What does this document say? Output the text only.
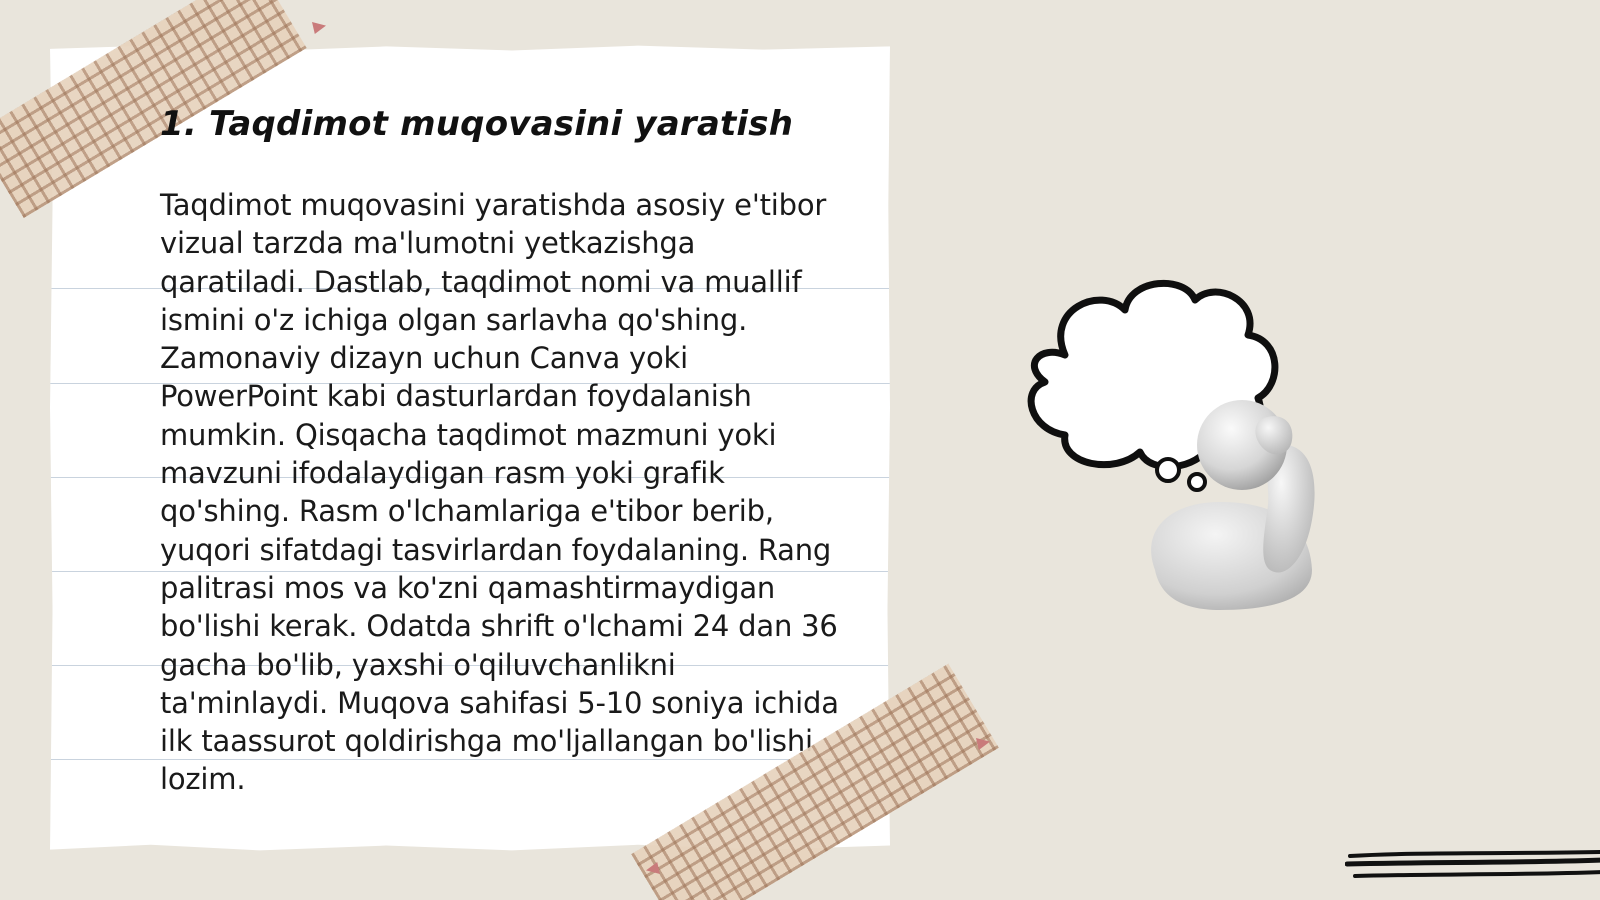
1. Taqdimot muqovasini yaratish

Taqdimot muqovasini yaratishda asosiy e'tibor vizual tarzda ma'lumotni yetkazishga qaratiladi. Dastlab, taqdimot nomi va muallif ismini o'z ichiga olgan sarlavha qo'shing. Zamonaviy dizayn uchun Canva yoki PowerPoint kabi dasturlardan foydalanish mumkin. Qisqacha taqdimot mazmuni yoki mavzuni ifodalaydigan rasm yoki grafik qo'shing. Rasm o'lchamlariga e'tibor berib, yuqori sifatdagi tasvirlardan foydalaning. Rang palitrasi mos va ko'zni qamashtirmaydigan bo'lishi kerak. Odatda shrift o'lchami 24 dan 36 gacha bo'lib, yaxshi o'qiluvchanlikni ta'minlaydi. Muqova sahifasi 5-10 soniya ichida ilk taassurot qoldirishga mo'ljallangan bo'lishi lozim.
